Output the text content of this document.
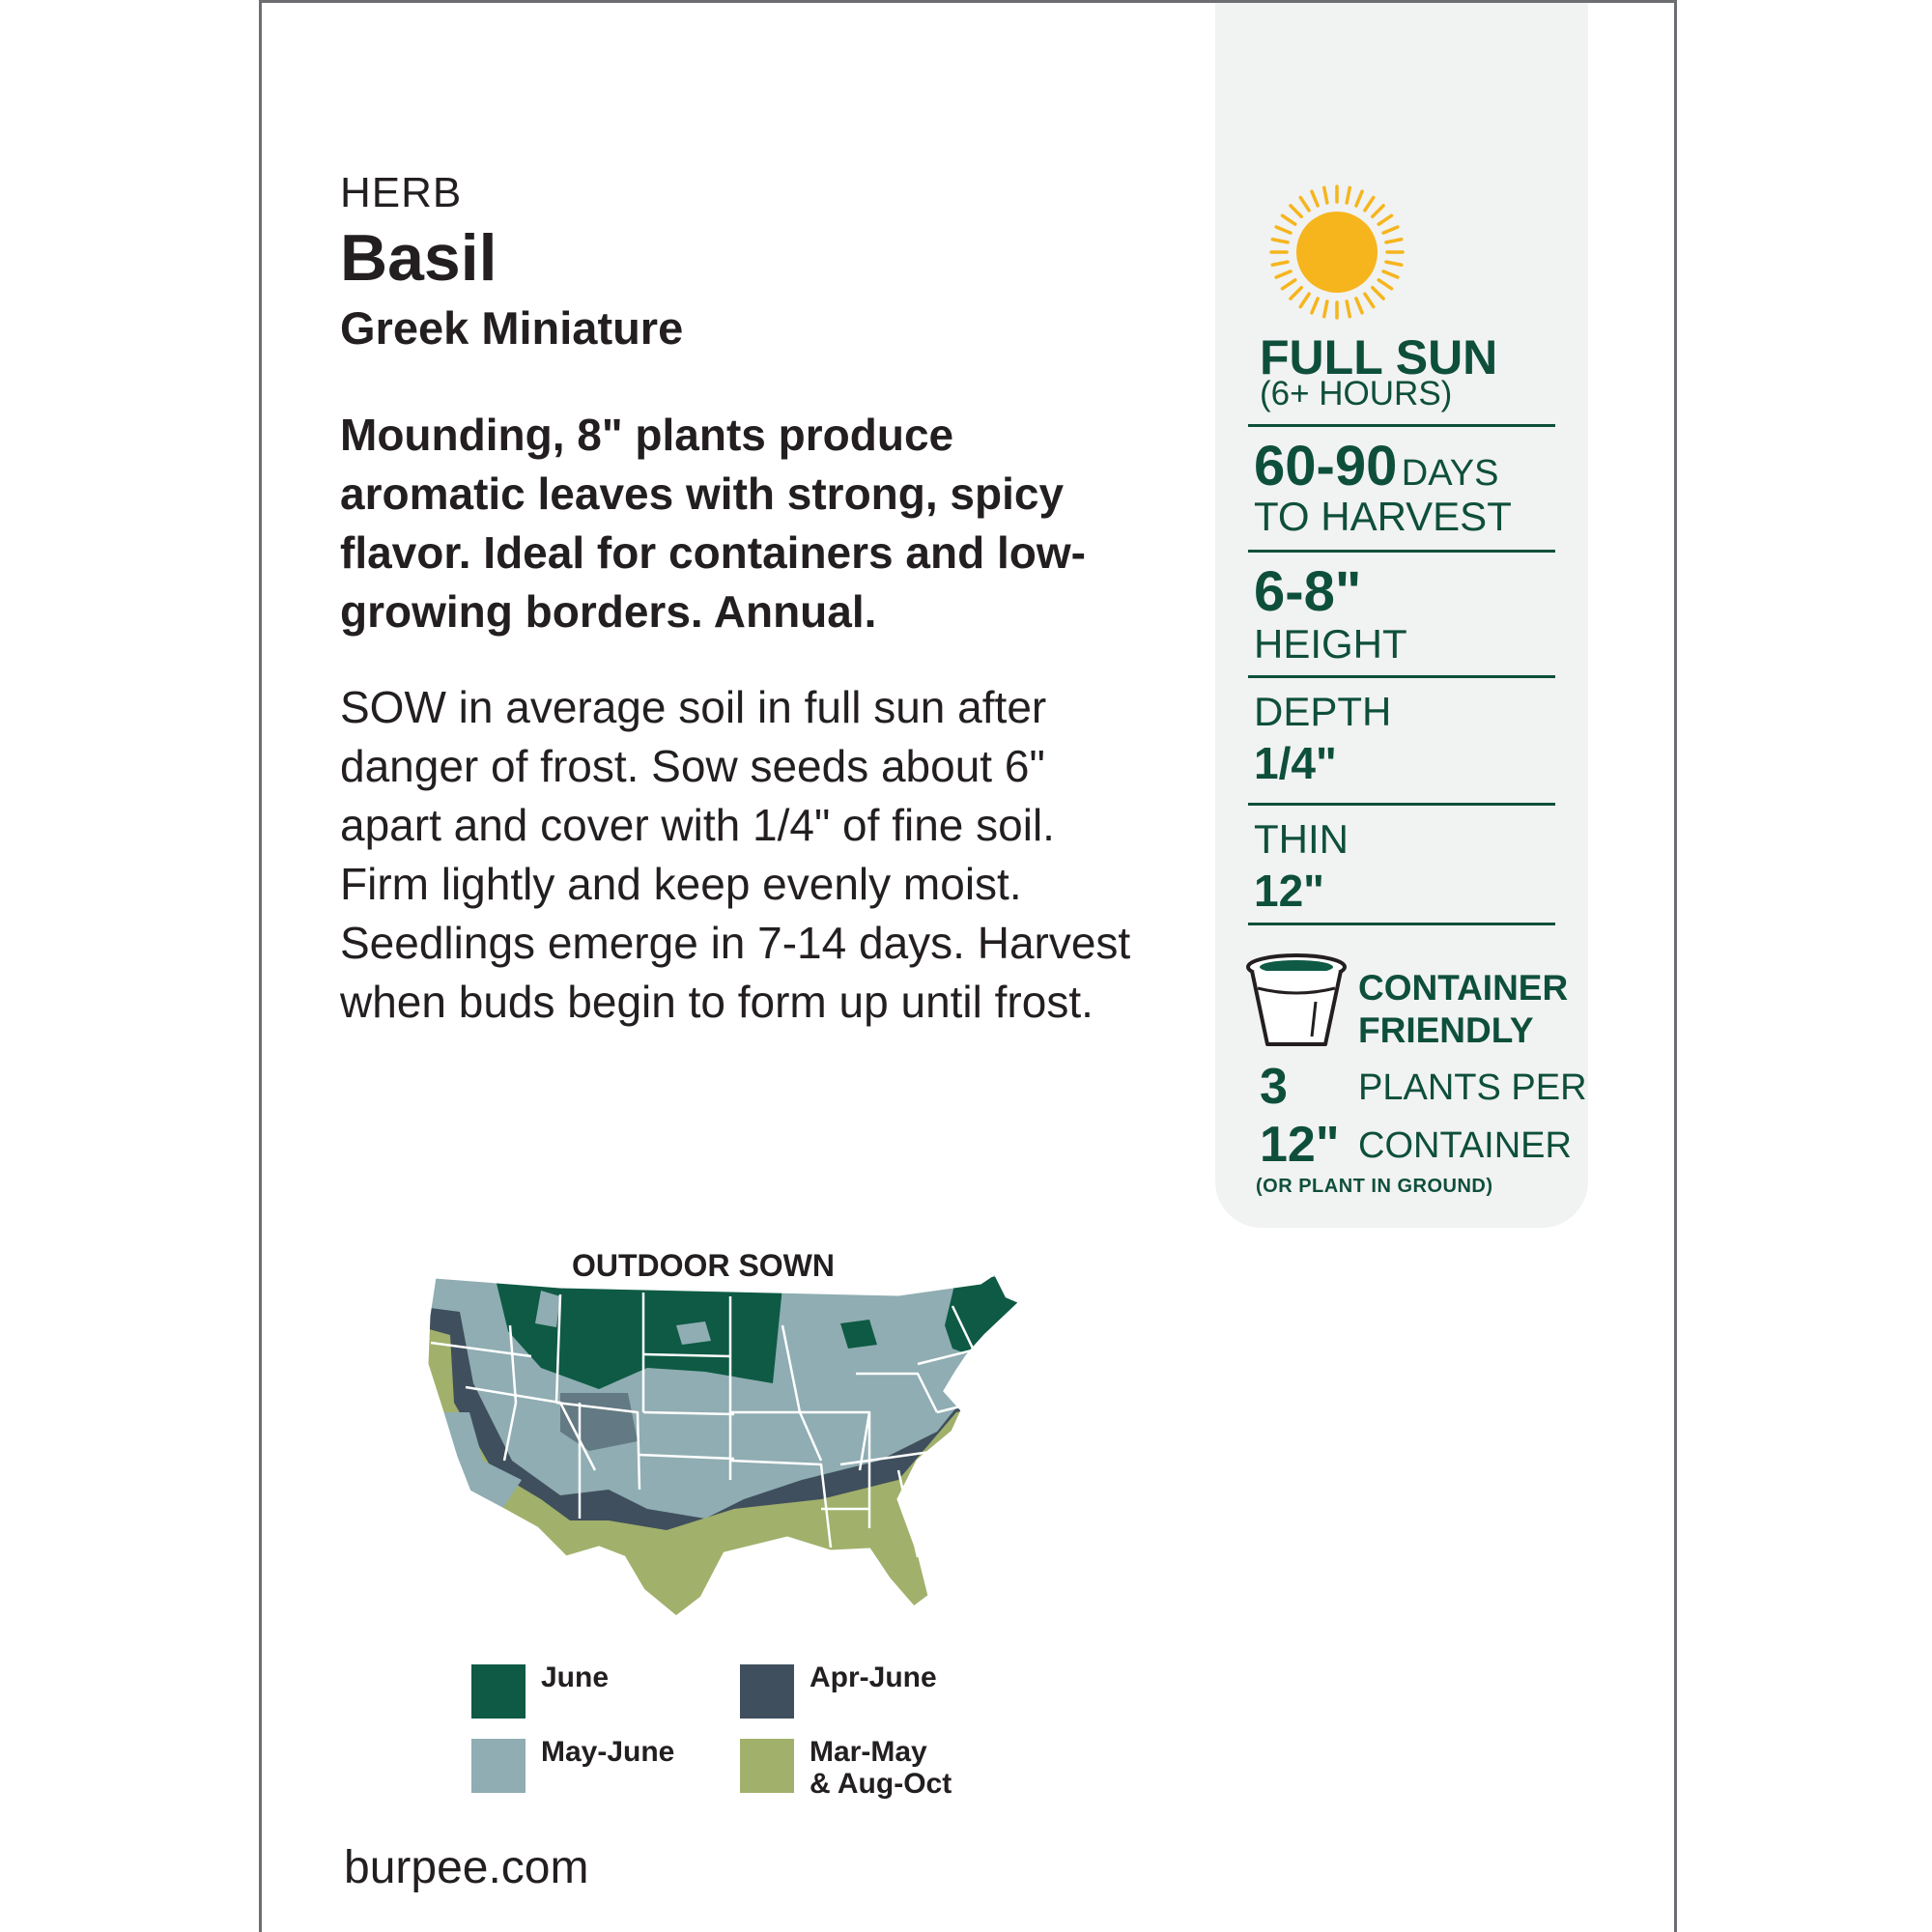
HERB
Basil
Greek Miniature
Mounding, 8" plants produce aromatic leaves with strong, spicy flavor. Ideal for containers and low-growing borders. Annual.
SOW in average soil in full sun after danger of frost. Sow seeds about 6" apart and cover with 1/4" of fine soil. Firm lightly and keep evenly moist. Seedlings emerge in 7-14 days. Harvest when buds begin to form up until frost.
FULL SUN
(6+ HOURS)
60-90 DAYS
TO HARVEST
6-8"
HEIGHT
DEPTH
1/4"
THIN
12"
CONTAINER
FRIENDLY
3 PLANTS PER
12" CONTAINER
(OR PLANT IN GROUND)
OUTDOOR SOWN
June	Apr-June
May-June	Mar-May
& Aug-Oct
burpee.com
